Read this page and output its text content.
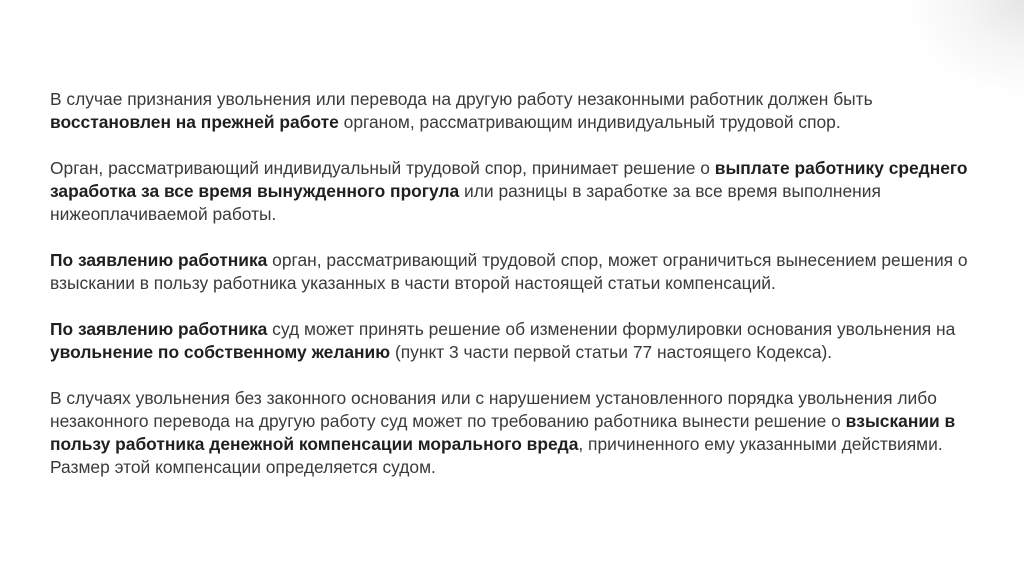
В случае признания увольнения или перевода на другую работу незаконными работник должен быть восстановлен на прежней работе органом, рассматривающим индивидуальный трудовой спор.

Орган, рассматривающий индивидуальный трудовой спор, принимает решение о выплате работнику среднего заработка за все время вынужденного прогула или разницы в заработке за все время выполнения нижеоплачиваемой работы.

По заявлению работника орган, рассматривающий трудовой спор, может ограничиться вынесением решения о взыскании в пользу работника указанных в части второй настоящей статьи компенсаций.

По заявлению работника суд может принять решение об изменении формулировки основания увольнения на увольнение по собственному желанию (пункт 3 части первой статьи 77 настоящего Кодекса).

В случаях увольнения без законного основания или с нарушением установленного порядка увольнения либо незаконного перевода на другую работу суд может по требованию работника вынести решение о взыскании в пользу работника денежной компенсации морального вреда, причиненного ему указанными действиями. Размер этой компенсации определяется судом.
